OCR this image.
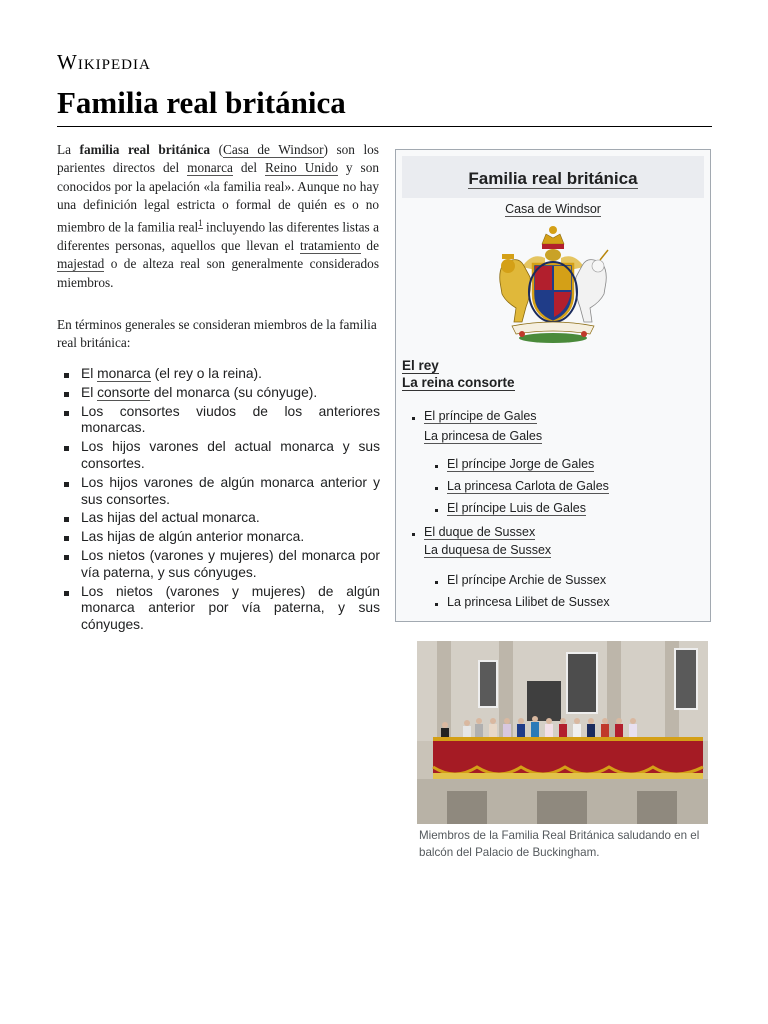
Wikipedia
Familia real británica

La familia real británica (Casa de Windsor) son los parientes directos del monarca del Reino Unido y son conocidos por la apelación «la familia real». Aunque no hay una definición legal estricta o formal de quién es o no miembro de la familia real$^1$ incluyendo las diferentes listas a diferentes personas, aquellos que llevan el tratamiento de majestad o de alteza real son generalmente considerados miembros.

En términos generales se consideran miembros de la familia real británica:

El monarca (el rey o la reina).
El consorte del monarca (su cónyuge).
Los consortes viudos de los anteriores monarcas.
Los hijos varones del actual monarca y sus consortes.
Los hijos varones de algún monarca anterior y sus consortes.
Las hijas del actual monarca.
Las hijas de algún anterior monarca.
Los nietos (varones y mujeres) del monarca por vía paterna, y sus cónyuges.
Los nietos (varones y mujeres) de algún monarca anterior por vía paterna, y sus cónyuges.
Familia real británica
Casa de Windsor
El rey
La reina consorte
El príncipe de Gales
La princesa de Gales
El príncipe Jorge de Gales
La princesa Carlota de Gales
El príncipe Luis de Gales
El duque de Sussex
La duquesa de Sussex
El príncipe Archie de Sussex
La princesa Lilibet de Sussex
Miembros de la Familia Real Británica saludando en el balcón del Palacio de Buckingham.
